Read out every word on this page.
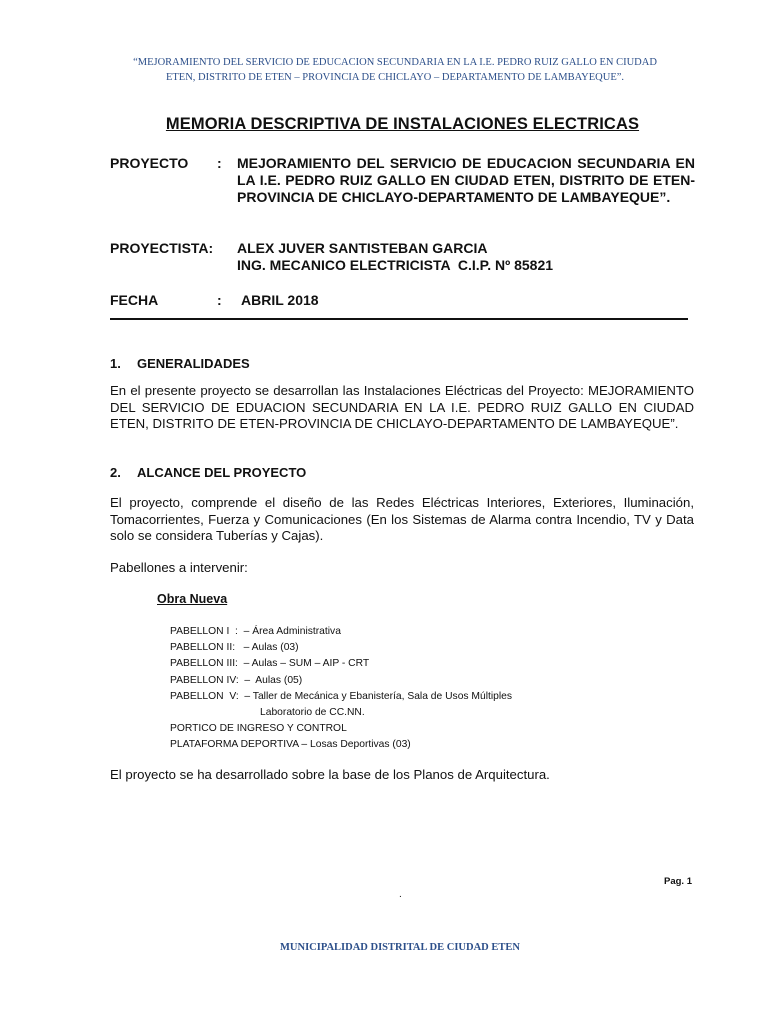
“MEJORAMIENTO DEL SERVICIO DE EDUCACION SECUNDARIA EN LA I.E. PEDRO RUIZ GALLO EN CIUDAD
ETEN, DISTRITO DE ETEN – PROVINCIA DE CHICLAYO – DEPARTAMENTO DE LAMBAYEQUE”.
MEMORIA DESCRIPTIVA DE INSTALACIONES ELECTRICAS
PROYECTO : MEJORAMIENTO DEL SERVICIO DE EDUCACION SECUNDARIA EN LA I.E. PEDRO RUIZ GALLO EN CIUDAD ETEN, DISTRITO DE ETEN-PROVINCIA DE CHICLAYO-DEPARTAMENTO DE LAMBAYEQUE”.
PROYECTISTA: ALEX JUVER SANTISTEBAN GARCIA
ING. MECANICO ELECTRICISTA  C.I.P. Nº 85821
FECHA	: ABRIL 2018
1. GENERALIDADES
En el presente proyecto se desarrollan las Instalaciones Eléctricas del Proyecto: MEJORAMIENTO DEL SERVICIO DE EDUACION SECUNDARIA EN LA I.E. PEDRO RUIZ GALLO EN CIUDAD ETEN, DISTRITO DE ETEN-PROVINCIA DE CHICLAYO-DEPARTAMENTO DE LAMBAYEQUE”.
2. ALCANCE DEL PROYECTO
El proyecto, comprende el diseño de las Redes Eléctricas Interiores, Exteriores, Iluminación, Tomacorrientes, Fuerza y Comunicaciones (En los Sistemas de Alarma contra Incendio, TV y Data solo se considera Tuberías y Cajas).
Pabellones a intervenir:
Obra Nueva
PABELLON I  :  – Área Administrativa
PABELLON II:   – Aulas (03)
PABELLON III:  – Aulas – SUM – AIP - CRT
PABELLON IV:  –  Aulas (05)
PABELLON  V:  – Taller de Mecánica y Ebanistería, Sala de Usos Múltiples
Laboratorio de CC.NN.
PORTICO DE INGRESO Y CONTROL
PLATAFORMA DEPORTIVA – Losas Deportivas (03)
El proyecto se ha desarrollado sobre la base de los Planos de Arquitectura.
Pag. 1
.
MUNICIPALIDAD DISTRITAL DE CIUDAD ETEN
